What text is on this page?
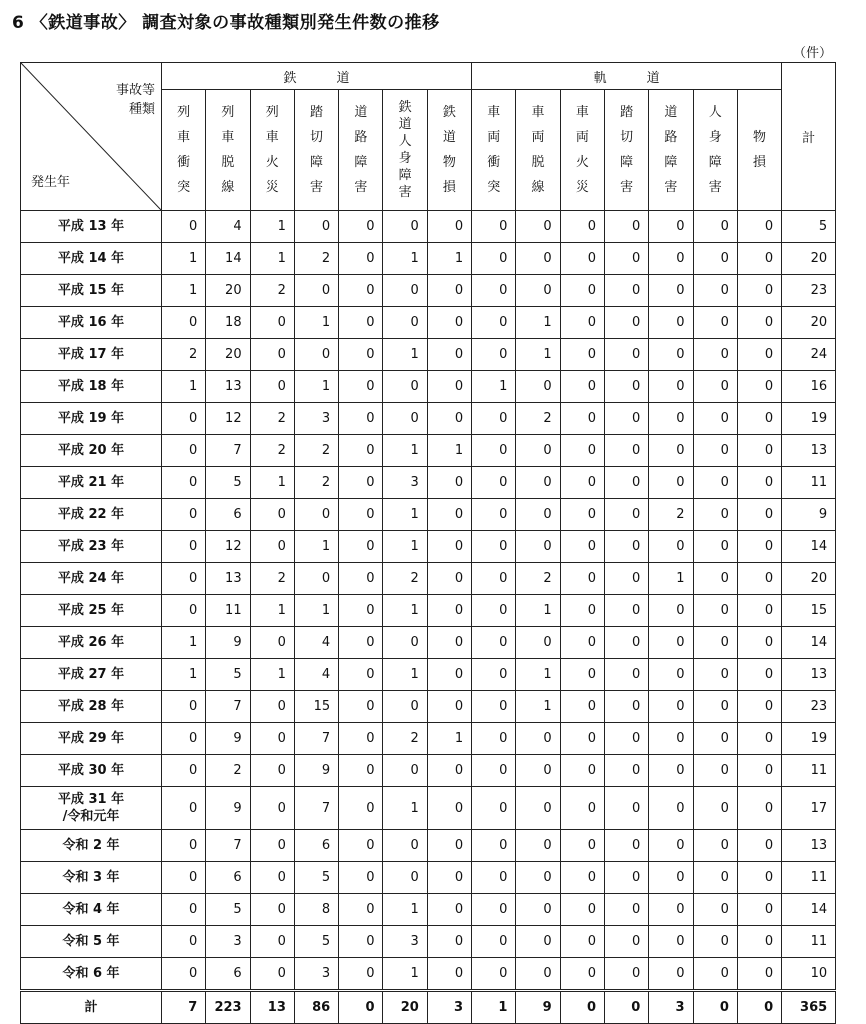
6 〈鉄道事故〉 調査対象の事故種類別発生件数の推移
（件）
事故等
種類
発生年	鉄道							軌道							計
	列車衝突	列車脱線	列車火災	踏切障害	道路障害	鉄道人身障害	鉄道物損	車両衝突	車両脱線	車両火災	踏切障害	道路障害	人身障害	物損	
平成 13 年	0	4	1	0	0	0	0	0	0	0	0	0	0	0	5
平成 14 年	1	14	1	2	0	1	1	0	0	0	0	0	0	0	20
平成 15 年	1	20	2	0	0	0	0	0	0	0	0	0	0	0	23
平成 16 年	0	18	0	1	0	0	0	0	1	0	0	0	0	0	20
平成 17 年	2	20	0	0	0	1	0	0	1	0	0	0	0	0	24
平成 18 年	1	13	0	1	0	0	0	1	0	0	0	0	0	0	16
平成 19 年	0	12	2	3	0	0	0	0	2	0	0	0	0	0	19
平成 20 年	0	7	2	2	0	1	1	0	0	0	0	0	0	0	13
平成 21 年	0	5	1	2	0	3	0	0	0	0	0	0	0	0	11
平成 22 年	0	6	0	0	0	1	0	0	0	0	0	2	0	0	9
平成 23 年	0	12	0	1	0	1	0	0	0	0	0	0	0	0	14
平成 24 年	0	13	2	0	0	2	0	0	2	0	0	1	0	0	20
平成 25 年	0	11	1	1	0	1	0	0	1	0	0	0	0	0	15
平成 26 年	1	9	0	4	0	0	0	0	0	0	0	0	0	0	14
平成 27 年	1	5	1	4	0	1	0	0	1	0	0	0	0	0	13
平成 28 年	0	7	0	15	0	0	0	0	1	0	0	0	0	0	23
平成 29 年	0	9	0	7	0	2	1	0	0	0	0	0	0	0	19
平成 30 年	0	2	0	9	0	0	0	0	0	0	0	0	0	0	11
平成 31 年
/令和元年	0	9	0	7	0	1	0	0	0	0	0	0	0	0	17
令和 2 年	0	7	0	6	0	0	0	0	0	0	0	0	0	0	13
令和 3 年	0	6	0	5	0	0	0	0	0	0	0	0	0	0	11
令和 4 年	0	5	0	8	0	1	0	0	0	0	0	0	0	0	14
令和 5 年	0	3	0	5	0	3	0	0	0	0	0	0	0	0	11
令和 6 年	0	6	0	3	0	1	0	0	0	0	0	0	0	0	10
計	7	223	13	86	0	20	3	1	9	0	0	3	0	0	365
